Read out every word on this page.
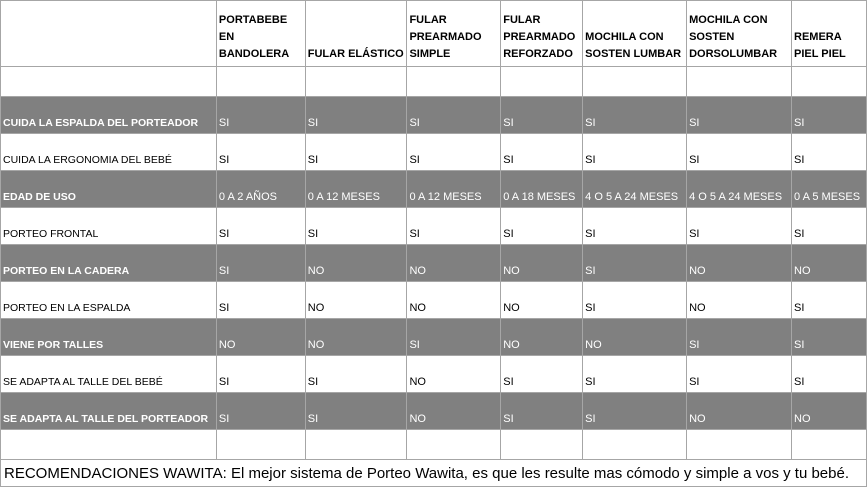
	PORTABEBE EN BANDOLERA	FULAR ELÁSTICO	FULAR PREARMADO SIMPLE	FULAR PREARMADO REFORZADO	MOCHILA CON SOSTEN LUMBAR	MOCHILA CON SOSTEN DORSOLUMBAR	REMERA PIEL PIEL

CUIDA LA ESPALDA DEL PORTEADOR	SI	SI	SI	SI	SI	SI	SI
CUIDA LA ERGONOMIA DEL BEBÉ	SI	SI	SI	SI	SI	SI	SI
EDAD DE USO	0 A 2 AÑOS	0 A 12 MESES	0 A 12 MESES	0 A 18 MESES	4 O 5 A 24 MESES	4 O 5 A 24 MESES	0 A 5 MESES
PORTEO FRONTAL	SI	SI	SI	SI	SI	SI	SI
PORTEO EN LA CADERA	SI	NO	NO	NO	SI	NO	NO
PORTEO EN LA ESPALDA	SI	NO	NO	NO	SI	NO	SI
VIENE POR TALLES	NO	NO	SI	NO	NO	SI	SI
SE ADAPTA AL TALLE DEL BEBÉ	SI	SI	NO	SI	SI	SI	SI
SE ADAPTA AL TALLE DEL PORTEADOR	SI	SI	NO	SI	SI	NO	NO

RECOMENDACIONES WAWITA: El mejor sistema de Porteo Wawita, es que les resulte mas cómodo y simple a vos y tu bebé.							
